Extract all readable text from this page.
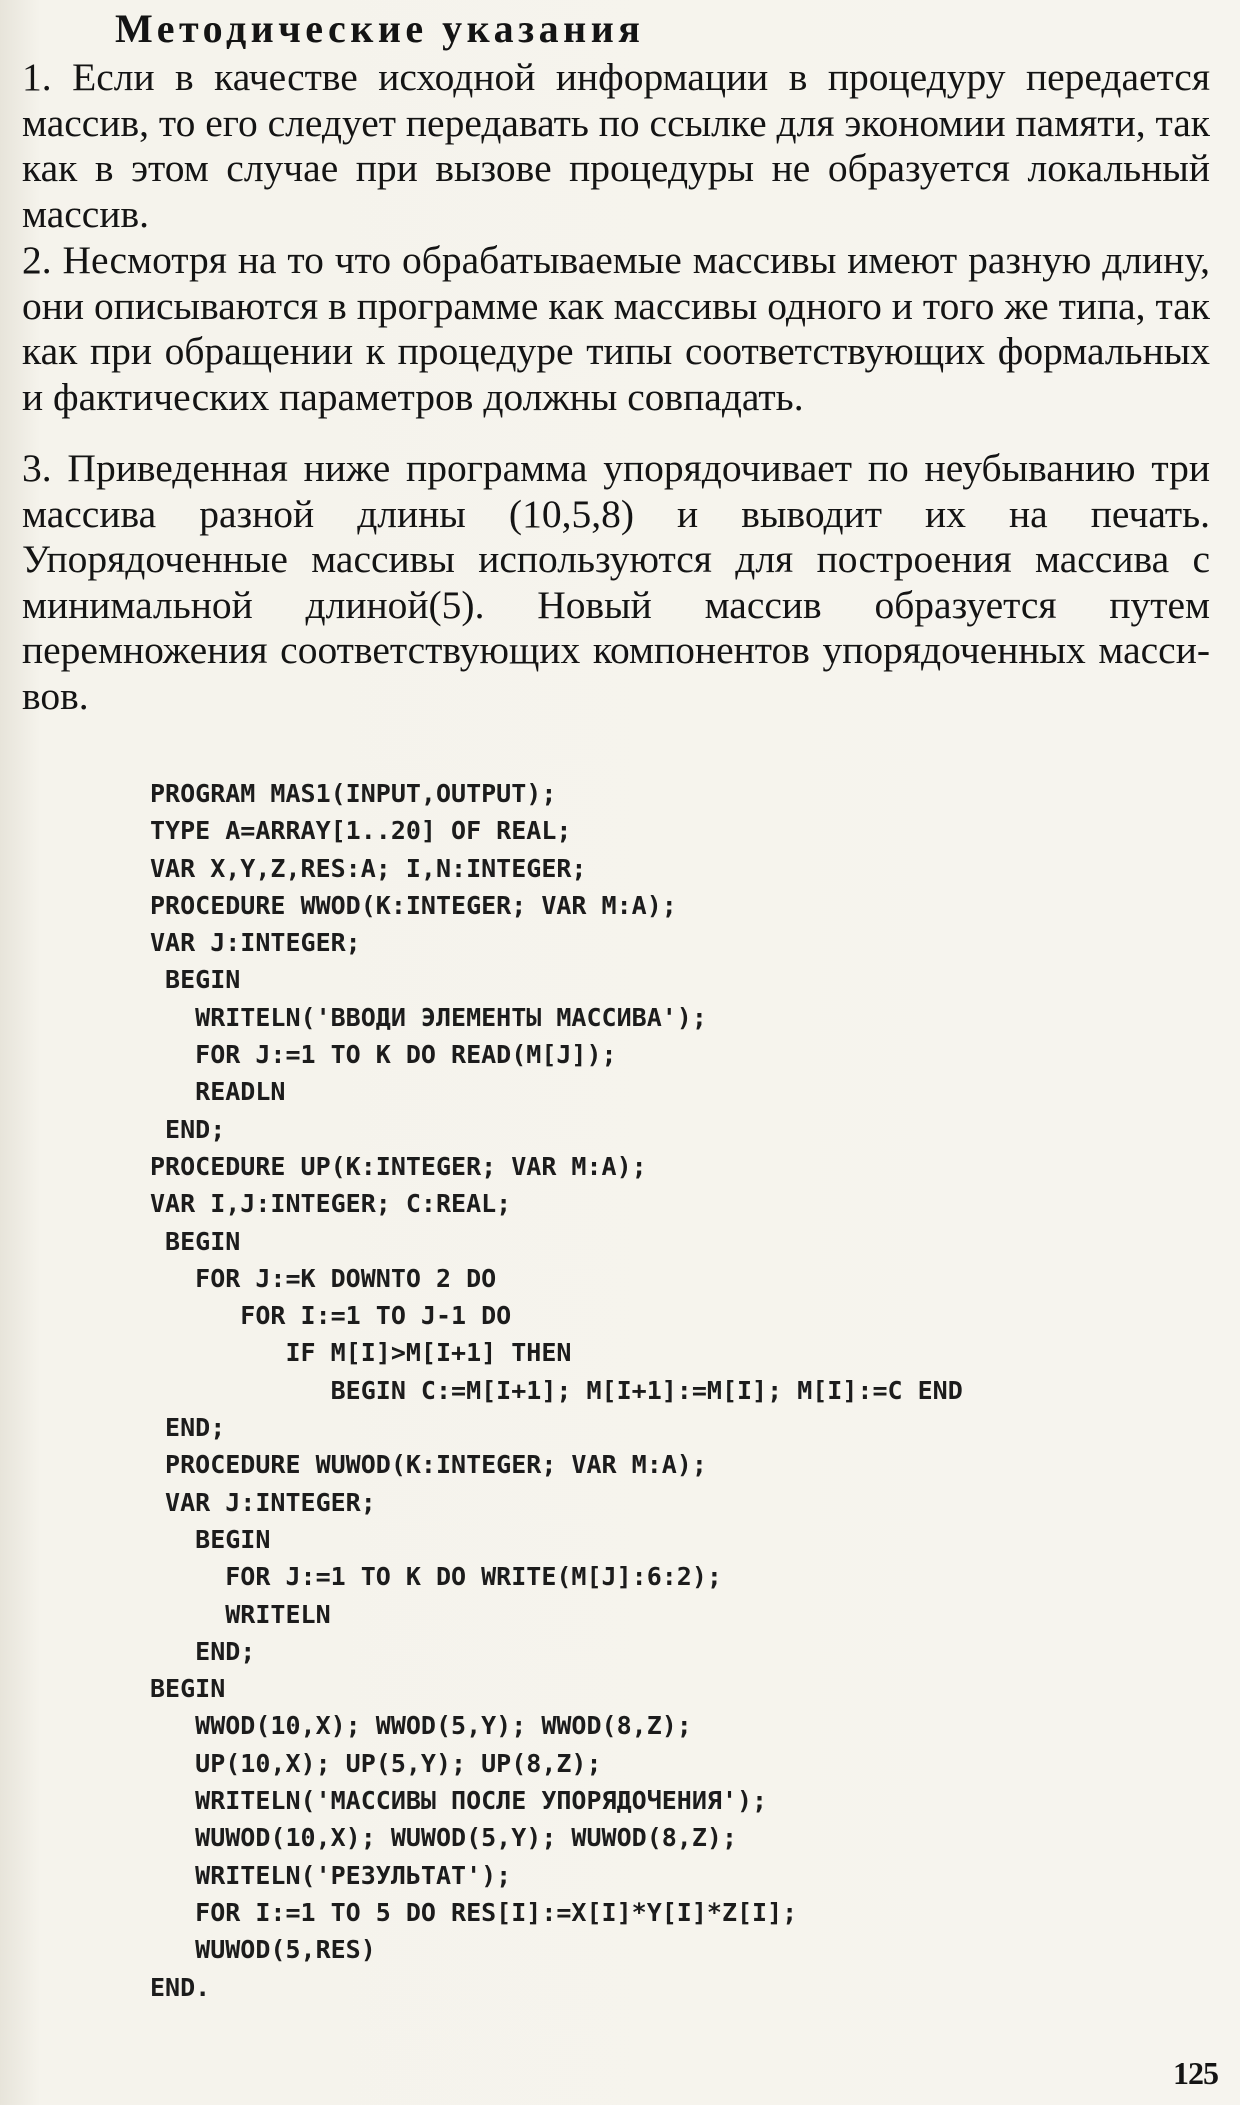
Методические указания
1. Если в качестве исходной информации в процедуру передается массив, то его следует передавать по ссылке для экономии памяти, так как в этом случае при вызове процедуры не образуется локальный массив.
2. Несмотря на то что обрабатываемые массивы имеют разную длину, они описываются в программе как массивы одного и того же типа, так как при обращении к процедуре типы соответствующих формальных и фактических параметров должны совпадать.
3. Приведенная ниже программа упорядочивает по неубыванию три массива разной длины (10,5,8) и выводит их на печать. Упорядоченные массивы используются для построения массива с минимальной длиной(5). Новый массив образуется путем перемножения соответствующих компонентов упорядоченных массивов.
PROGRAM MAS1(INPUT,OUTPUT);
TYPE A=ARRAY[1..20] OF REAL;
VAR X,Y,Z,RES:A; I,N:INTEGER;
PROCEDURE WWOD(K:INTEGER; VAR M:A);
VAR J:INTEGER;
BEGIN
WRITELN('ВВОДИ ЭЛЕМЕНТЫ МАССИВА');
FOR J:=1 TO K DO READ(M[J]);
READLN
END;
PROCEDURE UP(K:INTEGER; VAR M:A);
VAR I,J:INTEGER; C:REAL;
BEGIN
FOR J:=K DOWNTO 2 DO
FOR I:=1 TO J-1 DO
IF M[I]>M[I+1] THEN
BEGIN C:=M[I+1]; M[I+1]:=M[I]; M[I]:=C END
END;
PROCEDURE WUWOD(K:INTEGER; VAR M:A);
VAR J:INTEGER;
BEGIN
FOR J:=1 TO K DO WRITE(M[J]:6:2);
WRITELN
END;
BEGIN
WWOD(10,X); WWOD(5,Y); WWOD(8,Z);
UP(10,X); UP(5,Y); UP(8,Z);
WRITELN('МАССИВЫ ПОСЛЕ УПОРЯДОЧЕНИЯ');
WUWOD(10,X); WUWOD(5,Y); WUWOD(8,Z);
WRITELN('РЕЗУЛЬТАТ');
FOR I:=1 TO 5 DO RES[I]:=X[I]*Y[I]*Z[I];
WUWOD(5,RES)
END.
125
